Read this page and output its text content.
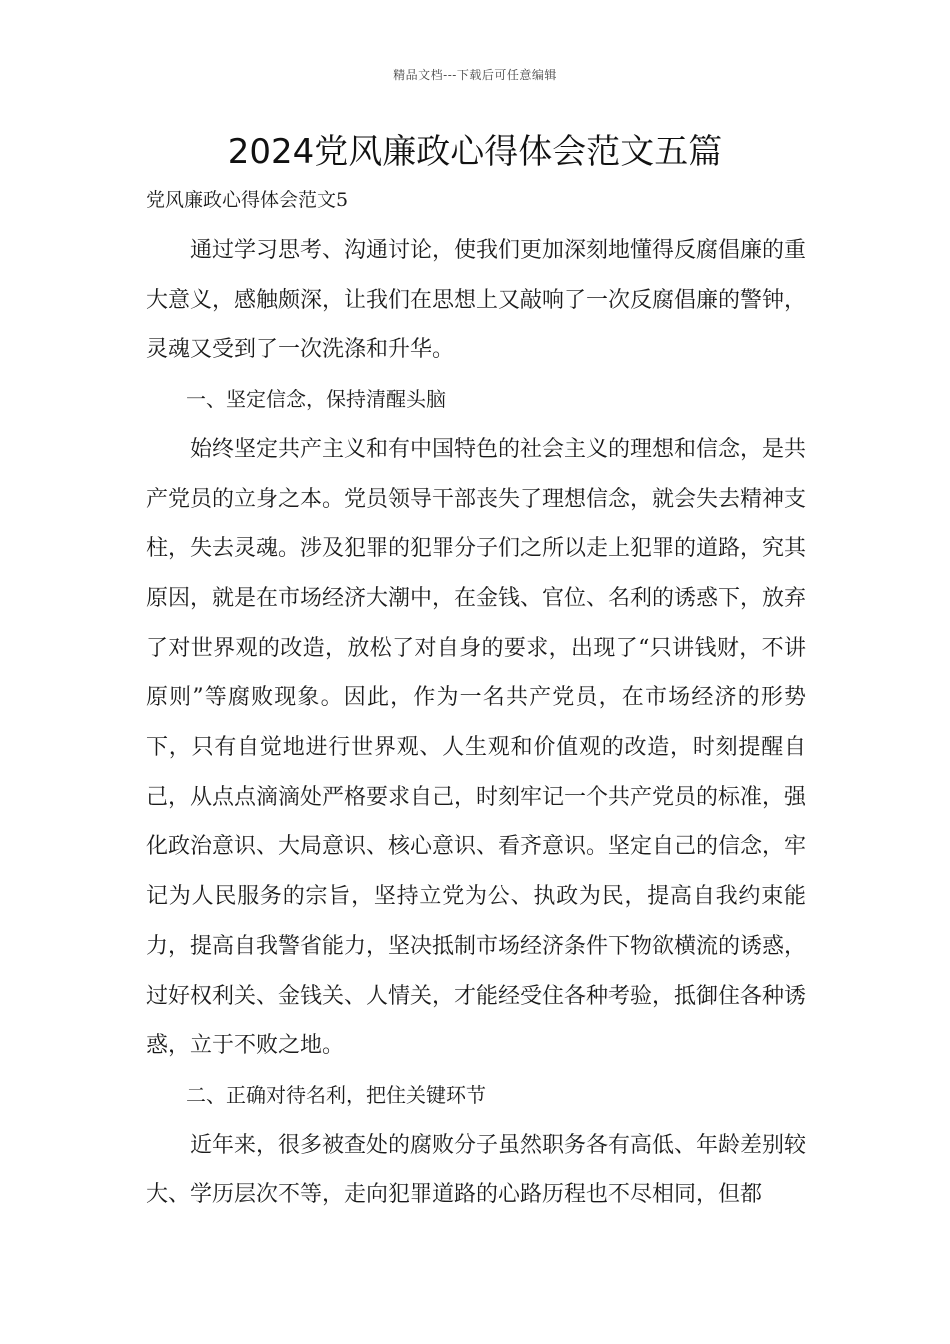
精品文档---下载后可任意编辑
2024党风廉政心得体会范文五篇
党风廉政心得体会范文5

通过学习思考、沟通讨论，使我们更加深刻地懂得反腐倡廉的重大意义，感触颇深，让我们在思想上又敲响了一次反腐倡廉的警钟，灵魂又受到了一次洗涤和升华。

一、坚定信念，保持清醒头脑

始终坚定共产主义和有中国特色的社会主义的理想和信念，是共产党员的立身之本。党员领导干部丧失了理想信念，就会失去精神支柱，失去灵魂。涉及犯罪的犯罪分子们之所以走上犯罪的道路，究其原因，就是在市场经济大潮中，在金钱、官位、名利的诱惑下，放弃了对世界观的改造，放松了对自身的要求，出现了“只讲钱财，不讲原则”等腐败现象。因此，作为一名共产党员，在市场经济的形势下，只有自觉地进行世界观、人生观和价值观的改造，时刻提醒自己，从点点滴滴处严格要求自己，时刻牢记一个共产党员的标准，强化政治意识、大局意识、核心意识、看齐意识。坚定自己的信念，牢记为人民服务的宗旨，坚持立党为公、执政为民，提高自我约束能力，提高自我警省能力，坚决抵制市场经济条件下物欲横流的诱惑，过好权利关、金钱关、人情关，才能经受住各种考验，抵御住各种诱惑，立于不败之地。

二、正确对待名利，把住关键环节

近年来，很多被查处的腐败分子虽然职务各有高低、年龄差别较大、学历层次不等，走向犯罪道路的心路历程也不尽相同，但都
